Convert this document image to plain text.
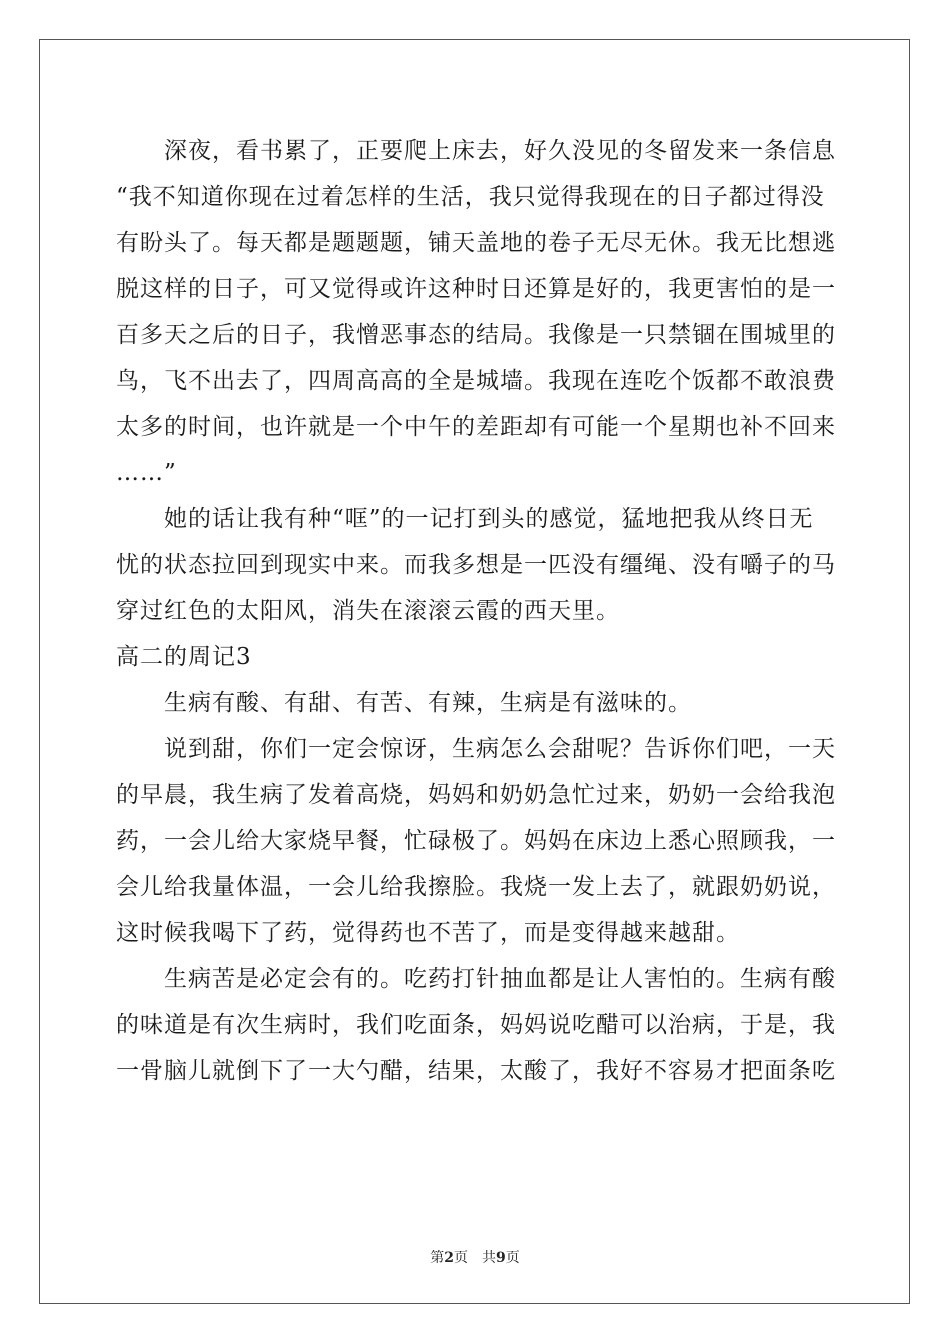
深夜，看书累了，正要爬上床去，好久没见的冬留发来一条信息
“我不知道你现在过着怎样的生活，我只觉得我现在的日子都过得没
有盼头了。每天都是题题题，铺天盖地的卷子无尽无休。我无比想逃
脱这样的日子，可又觉得或许这种时日还算是好的，我更害怕的是一
百多天之后的日子，我憎恶事态的结局。我像是一只禁锢在围城里的
鸟，飞不出去了，四周高高的全是城墙。我现在连吃个饭都不敢浪费
太多的时间，也许就是一个中午的差距却有可能一个星期也补不回来
……”

她的话让我有种“哐”的一记打到头的感觉，猛地把我从终日无
忧的状态拉回到现实中来。而我多想是一匹没有缰绳、没有嚼子的马
穿过红色的太阳风，消失在滚滚云霞的西天里。

高二的周记3

生病有酸、有甜、有苦、有辣，生病是有滋味的。

说到甜，你们一定会惊讶，生病怎么会甜呢？告诉你们吧，一天
的早晨，我生病了发着高烧，妈妈和奶奶急忙过来，奶奶一会给我泡
药，一会儿给大家烧早餐，忙碌极了。妈妈在床边上悉心照顾我，一
会儿给我量体温，一会儿给我擦脸。我烧一发上去了，就跟奶奶说，
这时候我喝下了药，觉得药也不苦了，而是变得越来越甜。

生病苦是必定会有的。吃药打针抽血都是让人害怕的。生病有酸
的味道是有次生病时，我们吃面条，妈妈说吃醋可以治病，于是，我
一骨脑儿就倒下了一大勺醋，结果，太酸了，我好不容易才把面条吃

第2页 共9页
